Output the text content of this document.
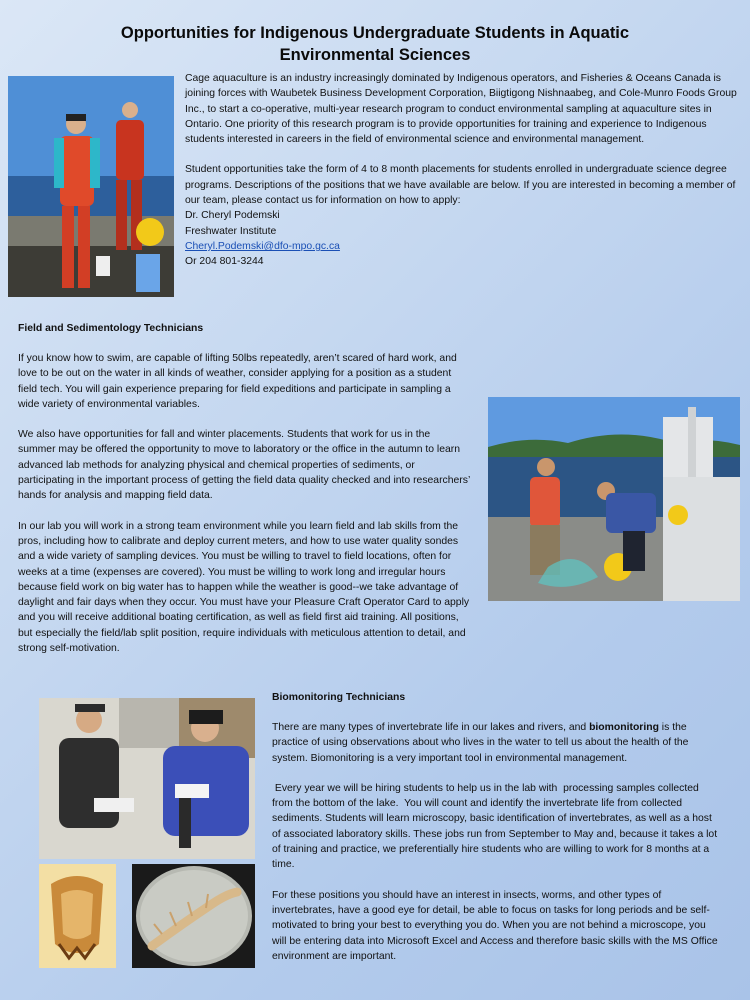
Opportunities for Indigenous Undergraduate Students in Aquatic
Environmental Sciences

Cage aquaculture is an industry increasingly dominated by Indigenous operators, and Fisheries & Oceans Canada is joining forces with Waubetek Business Development Corporation, Biigtigong Nishnaabeg, and Cole-Munro Foods Group Inc., to start a co-operative, multi-year research program to conduct environmental sampling at aquaculture sites in Ontario. One priority of this research program is to provide opportunities for training and experience to Indigenous students interested in careers in the field of environmental science and environmental management.

Student opportunities take the form of 4 to 8 month placements for students enrolled in undergraduate science degree programs. Descriptions of the positions that we have available are below. If you are interested in becoming a member of our team, please contact us for information on how to apply:

Dr. Cheryl Podemski

Freshwater Institute

Cheryl.Podemski@dfo-mpo.gc.ca

Or 204 801-3244

Field and Sedimentology Technicians

If you know how to swim, are capable of lifting 50lbs repeatedly, aren’t scared of hard work, and love to be out on the water in all kinds of weather, consider applying for a position as a student field tech. You will gain experience preparing for field expeditions and participate in sampling a wide variety of environmental variables.

We also have opportunities for fall and winter placements. Students that work for us in the summer may be offered the opportunity to move to laboratory or the office in the autumn to learn advanced lab methods for analyzing physical and chemical properties of sediments, or participating in the important process of getting the field data quality checked and into researchers’ hands for analysis and mapping field data.

In our lab you will work in a strong team environment while you learn field and lab skills from the pros, including how to calibrate and deploy current meters, and how to use water quality sondes and a wide variety of sampling devices. You must be willing to travel to field locations, often for weeks at a time (expenses are covered). You must be willing to work long and irregular hours because field work on big water has to happen while the weather is good--we take advantage of daylight and fair days when they occur. You must have your Pleasure Craft Operator Card to apply and you will receive additional boating certification, as well as field first aid training. All positions, but especially the field/lab split position, require individuals with meticulous attention to detail, and strong self-motivation.

Biomonitoring Technicians

There are many types of invertebrate life in our lakes and rivers, and biomonitoring is the practice of using observations about who lives in the water to tell us about the health of the system. Biomonitoring is a very important tool in environmental management.

Every year we will be hiring students to help us in the lab with  processing samples collected from the bottom of the lake.  You will count and identify the invertebrate life from collected sediments. Students will learn microscopy, basic identification of invertebrates, as well as a host of associated laboratory skills. These jobs run from September to May and, because it takes a lot of training and practice, we preferentially hire students who are willing to work for 8 months at a time.

For these positions you should have an interest in insects, worms, and other types of invertebrates, have a good eye for detail, be able to focus on tasks for long periods and be self-motivated to bring your best to everything you do. When you are not behind a microscope, you will be entering data into Microsoft Excel and Access and therefore basic skills with the MS Office environment are important.
